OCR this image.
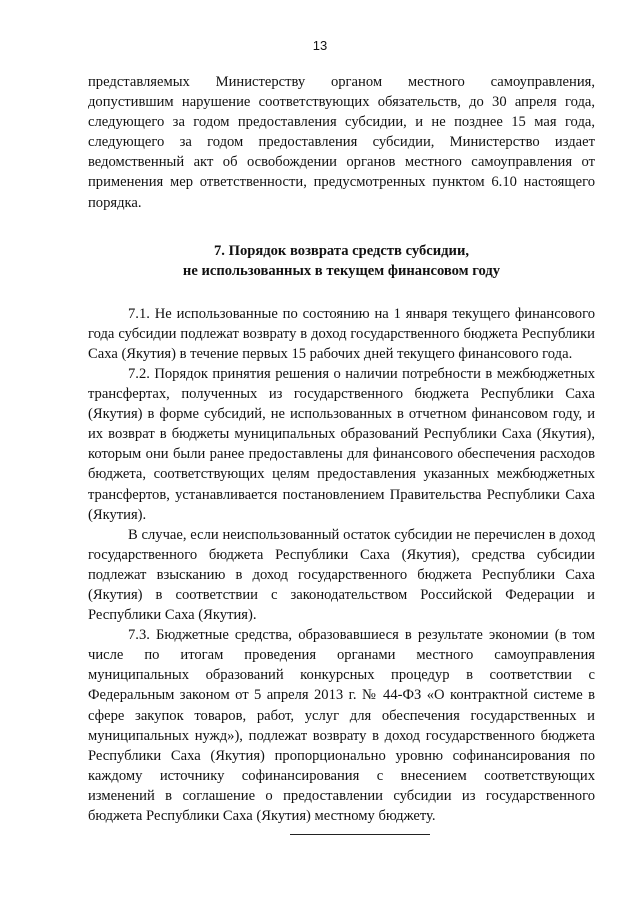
13

представляемых Министерству органом местного самоуправления, допустившим нарушение соответствующих обязательств, до 30 апреля года, следующего за годом предоставления субсидии, и не позднее 15 мая года, следующего за годом предоставления субсидии, Министерство издает ведомственный акт об освобождении органов местного самоуправления от применения мер ответственности, предусмотренных пунктом 6.10 настоящего порядка.

7. Порядок возврата средств субсидии,
не использованных в текущем финансовом году

7.1. Не использованные по состоянию на 1 января текущего финансового года субсидии подлежат возврату в доход государственного бюджета Республики Саха (Якутия) в течение первых 15 рабочих дней текущего финансового года.

7.2. Порядок принятия решения о наличии потребности в межбюджетных трансфертах, полученных из государственного бюджета Республики Саха (Якутия) в форме субсидий, не использованных в отчетном финансовом году, и их возврат в бюджеты муниципальных образований Республики Саха (Якутия), которым они были ранее предоставлены для финансового обеспечения расходов бюджета, соответствующих целям предоставления указанных межбюджетных трансфертов, устанавливается постановлением Правительства Республики Саха (Якутия).

В случае, если неиспользованный остаток субсидии не перечислен в доход государственного бюджета Республики Саха (Якутия), средства субсидии подлежат взысканию в доход государственного бюджета Республики Саха (Якутия) в соответствии с законодательством Российской Федерации и Республики Саха (Якутия).

7.3. Бюджетные средства, образовавшиеся в результате экономии (в том числе по итогам проведения органами местного самоуправления муниципальных образований конкурсных процедур в соответствии с Федеральным законом от 5 апреля 2013 г. № 44-ФЗ «О контрактной системе в сфере закупок товаров, работ, услуг для обеспечения государственных и муниципальных нужд»), подлежат возврату в доход государственного бюджета Республики Саха (Якутия) пропорционально уровню софинансирования по каждому источнику софинансирования с внесением соответствующих изменений в соглашение о предоставлении субсидии из государственного бюджета Республики Саха (Якутия) местному бюджету.
